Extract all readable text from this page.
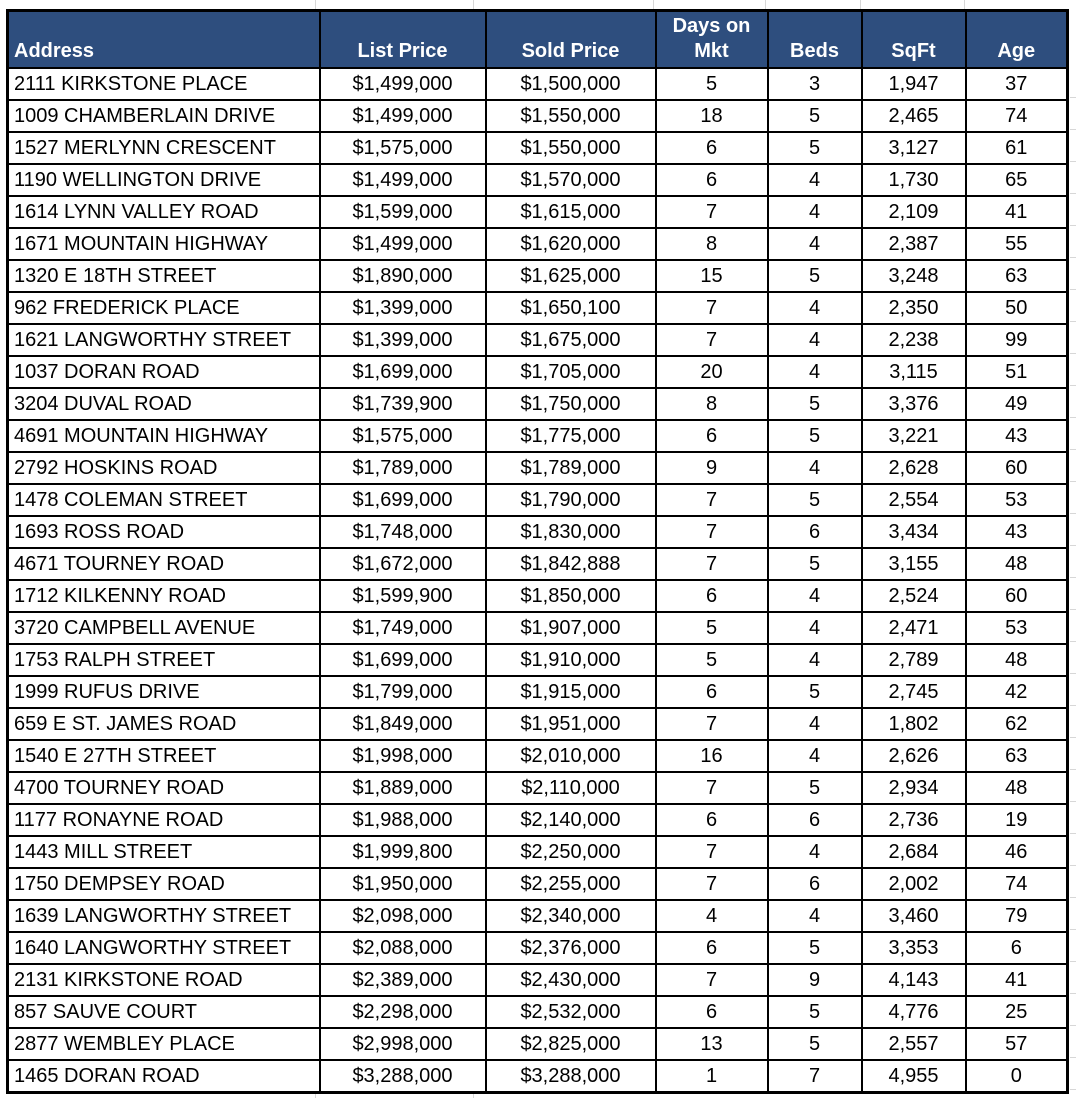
Address	List Price	Sold Price	Days on Mkt	Beds	SqFt	Age
2111 KIRKSTONE PLACE	$1,499,000	$1,500,000	5	3	1,947	37
1009 CHAMBERLAIN DRIVE	$1,499,000	$1,550,000	18	5	2,465	74
1527 MERLYNN CRESCENT	$1,575,000	$1,550,000	6	5	3,127	61
1190 WELLINGTON DRIVE	$1,499,000	$1,570,000	6	4	1,730	65
1614 LYNN VALLEY ROAD	$1,599,000	$1,615,000	7	4	2,109	41
1671 MOUNTAIN HIGHWAY	$1,499,000	$1,620,000	8	4	2,387	55
1320 E 18TH STREET	$1,890,000	$1,625,000	15	5	3,248	63
962 FREDERICK PLACE	$1,399,000	$1,650,100	7	4	2,350	50
1621 LANGWORTHY STREET	$1,399,000	$1,675,000	7	4	2,238	99
1037 DORAN ROAD	$1,699,000	$1,705,000	20	4	3,115	51
3204 DUVAL ROAD	$1,739,900	$1,750,000	8	5	3,376	49
4691 MOUNTAIN HIGHWAY	$1,575,000	$1,775,000	6	5	3,221	43
2792 HOSKINS ROAD	$1,789,000	$1,789,000	9	4	2,628	60
1478 COLEMAN STREET	$1,699,000	$1,790,000	7	5	2,554	53
1693 ROSS ROAD	$1,748,000	$1,830,000	7	6	3,434	43
4671 TOURNEY ROAD	$1,672,000	$1,842,888	7	5	3,155	48
1712 KILKENNY ROAD	$1,599,900	$1,850,000	6	4	2,524	60
3720 CAMPBELL AVENUE	$1,749,000	$1,907,000	5	4	2,471	53
1753 RALPH STREET	$1,699,000	$1,910,000	5	4	2,789	48
1999 RUFUS DRIVE	$1,799,000	$1,915,000	6	5	2,745	42
659 E ST. JAMES ROAD	$1,849,000	$1,951,000	7	4	1,802	62
1540 E 27TH STREET	$1,998,000	$2,010,000	16	4	2,626	63
4700 TOURNEY ROAD	$1,889,000	$2,110,000	7	5	2,934	48
1177 RONAYNE ROAD	$1,988,000	$2,140,000	6	6	2,736	19
1443 MILL STREET	$1,999,800	$2,250,000	7	4	2,684	46
1750 DEMPSEY ROAD	$1,950,000	$2,255,000	7	6	2,002	74
1639 LANGWORTHY STREET	$2,098,000	$2,340,000	4	4	3,460	79
1640 LANGWORTHY STREET	$2,088,000	$2,376,000	6	5	3,353	6
2131 KIRKSTONE ROAD	$2,389,000	$2,430,000	7	9	4,143	41
857 SAUVE COURT	$2,298,000	$2,532,000	6	5	4,776	25
2877 WEMBLEY PLACE	$2,998,000	$2,825,000	13	5	2,557	57
1465 DORAN ROAD	$3,288,000	$3,288,000	1	7	4,955	0
